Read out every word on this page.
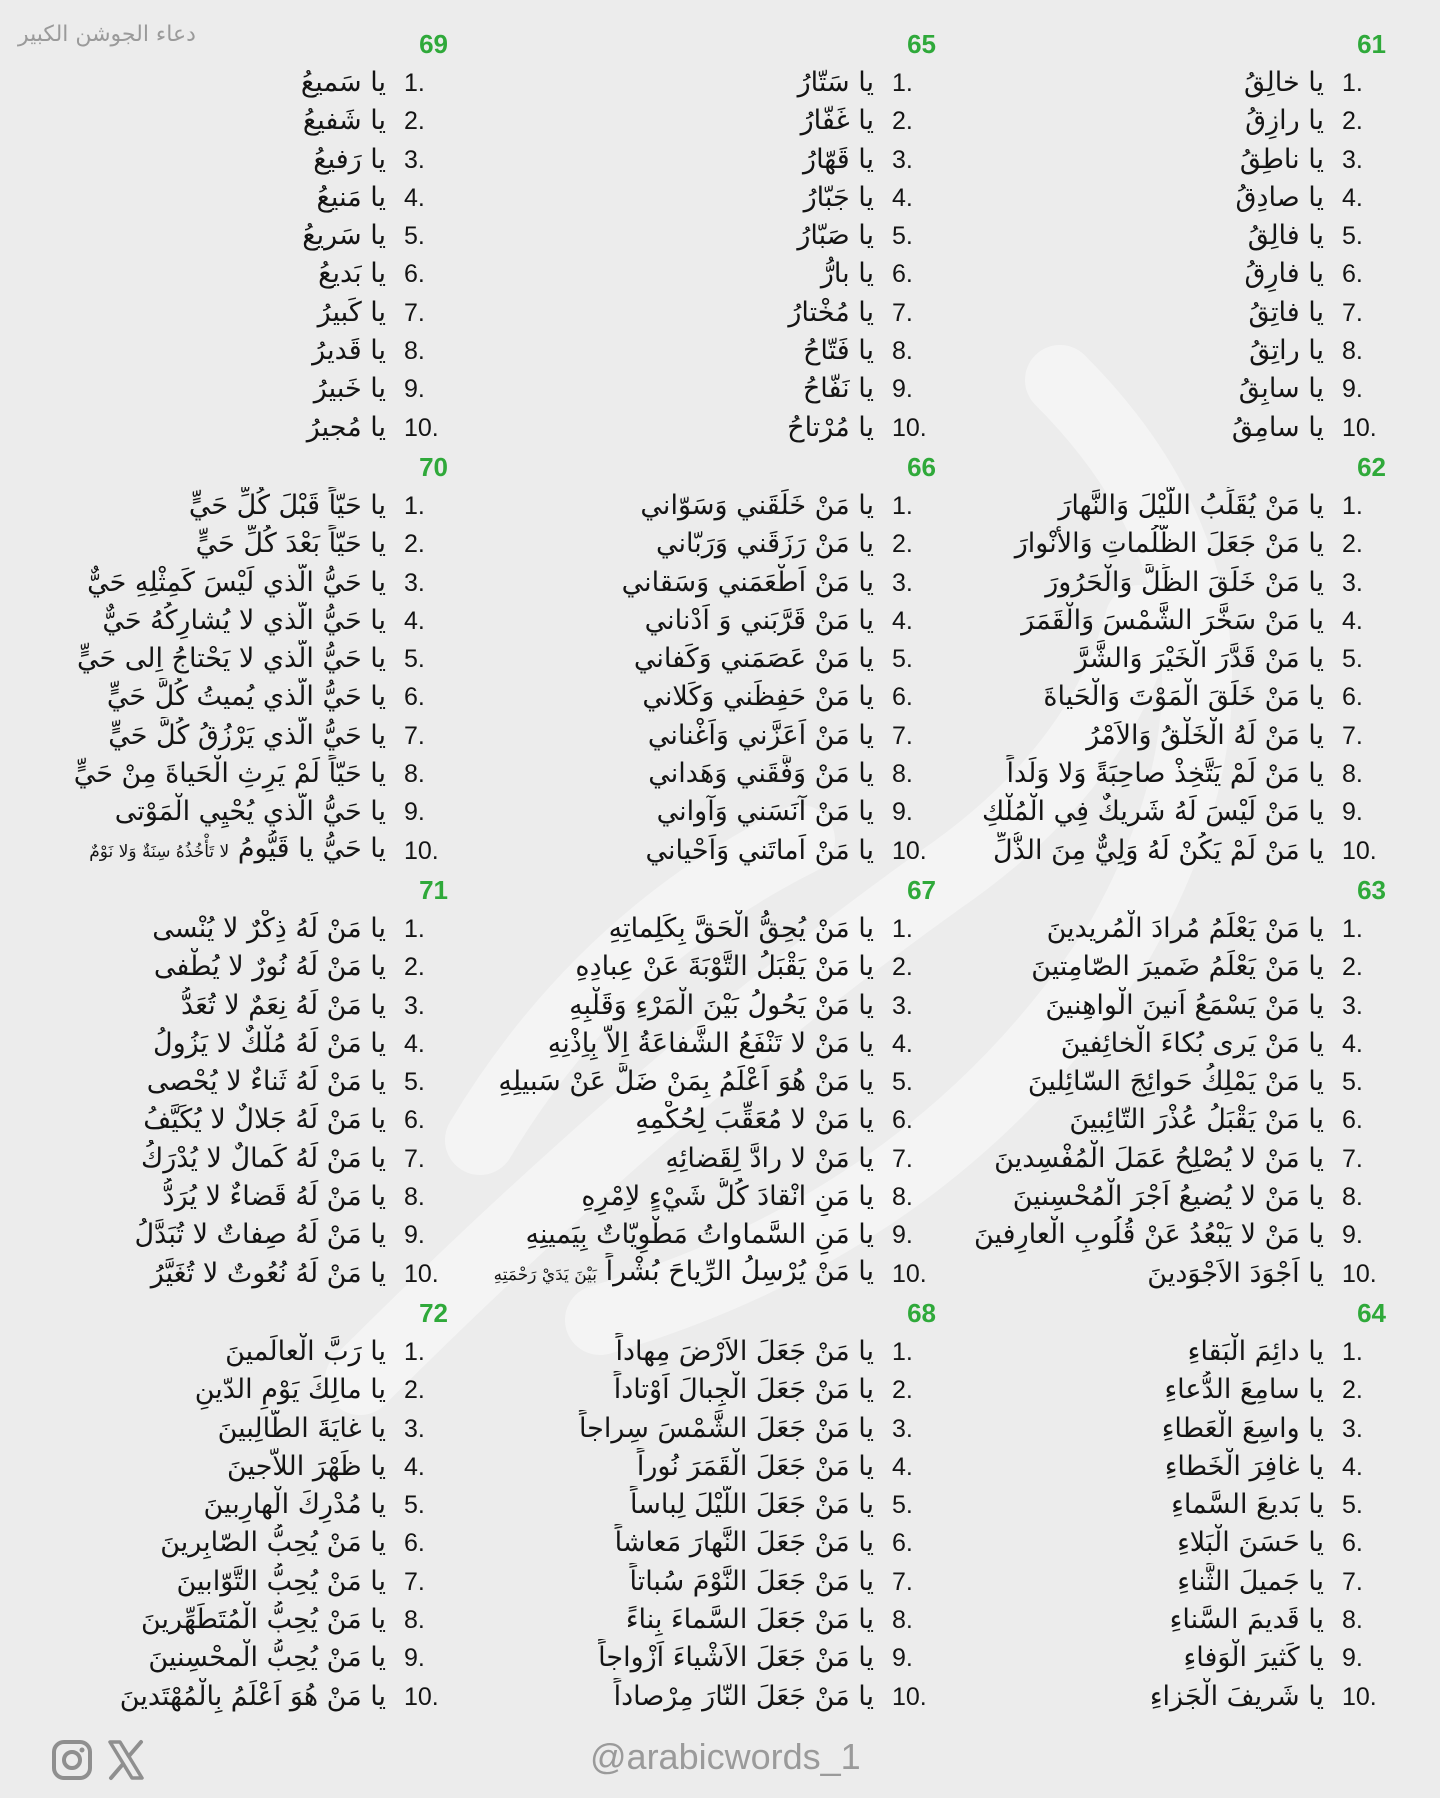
دعاء الجوشن الكبير	61
1.
يا خالِقُ
2.
يا رازِقُ
3.
يا ناطِقُ
4.
يا صادِقُ
5.
يا فالِقُ
6.
يا فارِقُ
7.
يا فاتِقُ
8.
يا راتِقُ
9.
يا سابِقُ
10.
يا سامِقُ
62
1.
يا مَنْ يُقَلِّبُ اللَّيْلَ وَالنَّهارَ
2.
يا مَنْ جَعَلَ الظُّلُماتِ وَالأَنْوارَ
3.
يا مَنْ خَلَقَ الظِّلَّ وَالْحَرُورَ
4.
يا مَنْ سَخَّرَ الشَّمْسَ وَالْقَمَرَ
5.
يا مَنْ قَدَّرَ الْخَيْرَ وَالشَّرَّ
6.
يا مَنْ خَلَقَ الْمَوْتَ وَالْحَياةَ
7.
يا مَنْ لَهُ الْخَلْقُ وَالاَمْرُ
8.
يا مَنْ لَمْ يَتَّخِذْ صاحِبَةً وَلا وَلَداً
9.
يا مَنْ لَيْسَ لَهُ شَريكٌ فِي الْمُلْكِ
10.
يا مَنْ لَمْ يَكُنْ لَهُ وَلِيٌّ مِنَ الذُّلِّ
63
1.
يا مَنْ يَعْلَمُ مُرادَ الْمُريدينَ
2.
يا مَنْ يَعْلَمُ ضَميرَ الصّامِتينَ
3.
يا مَنْ يَسْمَعُ اَنينَ الْواهِنينَ
4.
يا مَنْ يَرى بُكاءَ الْخائِفينَ
5.
يا مَنْ يَمْلِكُ حَوائِجَ السّائِلينَ
6.
يا مَنْ يَقْبَلُ عُذْرَ التّائِبينَ
7.
يا مَنْ لا يُصْلِحُ عَمَلَ الْمُفْسِدينَ
8.
يا مَنْ لا يُضيعُ اَجْرَ الْمُحْسِنينَ
9.
يا مَنْ لا يَبْعُدُ عَنْ قُلُوبِ الْعارِفينَ
10.
يا اَجْوَدَ الاَجْوَدينَ
64
1.
يا دائِمَ الْبَقاءِ
2.
يا سامِعَ الدُّعاءِ
3.
يا واسِعَ الْعَطاءِ
4.
يا غافِرَ الْخَطاءِ
5.
يا بَديعَ السَّماءِ
6.
يا حَسَنَ الْبَلاءِ
7.
يا جَميلَ الثَّناءِ
8.
يا قَديمَ السَّناءِ
9.
يا كَثيرَ الْوَفاءِ
10.
يا شَريفَ الْجَزاءِ
65
1.
يا سَتّارُ
2.
يا غَفّارُ
3.
يا قَهّارُ
4.
يا جَبّارُ
5.
يا صَبّارُ
6.
يا بارُّ
7.
يا مُخْتارُ
8.
يا فَتّاحُ
9.
يا نَفّاحُ
10.
يا مُرْتاحُ
66
1.
يا مَنْ خَلَقَني وَسَوّاني
2.
يا مَنْ رَزَقَني وَرَبّاني
3.
يا مَنْ اَطْعَمَني وَسَقاني
4.
يا مَنْ قَرَّبَني وَ اَدْناني
5.
يا مَنْ عَصَمَني وَكَفاني
6.
يا مَنْ حَفِظَني وَكَلاني
7.
يا مَنْ اَعَزَّني وَاَغْناني
8.
يا مَنْ وَفَّقَني وَهَداني
9.
يا مَنْ آنَسَني وَآواني
10.
يا مَنْ اَماتَني وَاَحْياني
67
1.
يا مَنْ يُحِقُّ الْحَقَّ بِكَلِماتِهِ
2.
يا مَنْ يَقْبَلُ التَّوْبَةَ عَنْ عِبادِهِ
3.
يا مَنْ يَحُولُ بَيْنَ الْمَرْءِ وَقَلْبِهِ
4.
يا مَنْ لا تَنْفَعُ الشَّفاعَةُ اِلاّ بِاِذْنِهِ
5.
يا مَنْ هُوَ اَعْلَمُ بِمَنْ ضَلَّ عَنْ سَبيلِهِ
6.
يا مَنْ لا مُعَقِّبَ لِحُكْمِهِ
7.
يا مَنْ لا رادَّ لِقَضائِهِ
8.
يا مَنِ انْقادَ كُلُّ شَيْءٍ لاِمْرِهِ
9.
يا مَنِ السَّماواتُ مَطْوِيّاتٌ بِيَمينِهِ
10.
يا مَنْ يُرْسِلُ الرِّياحَ بُشْراً بَيْنَ يَدَيْ رَحْمَتِهِ
68
1.
يا مَنْ جَعَلَ الاَرْضَ مِهاداً
2.
يا مَنْ جَعَلَ الْجِبالَ اَوْتاداً
3.
يا مَنْ جَعَلَ الشَّمْسَ سِراجاً
4.
يا مَنْ جَعَلَ الْقَمَرَ نُوراً
5.
يا مَنْ جَعَلَ اللَّيْلَ لِباساً
6.
يا مَنْ جَعَلَ النَّهارَ مَعاشاً
7.
يا مَنْ جَعَلَ النَّوْمَ سُباتاً
8.
يا مَنْ جَعَلَ السَّماءَ بِناءً
9.
يا مَنْ جَعَلَ الاَشْياءَ اَزْواجاً
10.
يا مَنْ جَعَلَ النّارَ مِرْصاداً
69
1.
يا سَميعُ
2.
يا شَفيعُ
3.
يا رَفيعُ
4.
يا مَنيعُ
5.
يا سَريعُ
6.
يا بَديعُ
7.
يا كَبيرُ
8.
يا قَديرُ
9.
يا خَبيرُ
10.
يا مُجيرُ
70
1.
يا حَيّاً قَبْلَ كُلِّ حَيٍّ
2.
يا حَيّاً بَعْدَ كُلِّ حَيٍّ
3.
يا حَيُّ الَّذي لَيْسَ كَمِثْلِهِ حَيٌّ
4.
يا حَيُّ الَّذي لا يُشارِكُهُ حَيٌّ
5.
يا حَيُّ الَّذي لا يَحْتاجُ اِلى حَيٍّ
6.
يا حَيُّ الَّذي يُميتُ كُلَّ حَيٍّ
7.
يا حَيُّ الَّذي يَرْزُقُ كُلَّ حَيٍّ
8.
يا حَيّاً لَمْ يَرِثِ الْحَياةَ مِنْ حَيٍّ
9.
يا حَيُّ الَّذي يُحْيِي الْمَوْتى
10.
يا حَيُّ يا قَيُّومُ لا تَأْخُذُهُ سِنَةٌ وَلا نَوْمٌ
71
1.
يا مَنْ لَهُ ذِكْرٌ لا يُنْسى
2.
يا مَنْ لَهُ نُورٌ لا يُطْفى
3.
يا مَنْ لَهُ نِعَمٌ لا تُعَدُّ
4.
يا مَنْ لَهُ مُلْكٌ لا يَزُولُ
5.
يا مَنْ لَهُ ثَناءٌ لا يُحْصى
6.
يا مَنْ لَهُ جَلالٌ لا يُكَيَّفُ
7.
يا مَنْ لَهُ كَمالٌ لا يُدْرَكُ
8.
يا مَنْ لَهُ قَضاءٌ لا يُرَدُّ
9.
يا مَنْ لَهُ صِفاتٌ لا تُبَدَّلُ
10.
يا مَنْ لَهُ نُعُوتٌ لا تُغَيَّرُ
72
1.
يا رَبَّ الْعالَمينَ
2.
يا مالِكَ يَوْمِ الدّينِ
3.
يا غايَةَ الطّالِبينَ
4.
يا ظَهْرَ اللاّجينَ
5.
يا مُدْرِكَ الْهارِبينَ
6.
يا مَنْ يُحِبُّ الصّابِرينَ
7.
يا مَنْ يُحِبُّ التَّوّابينَ
8.
يا مَنْ يُحِبُّ الْمُتَطَهِّرينَ
9.
يا مَنْ يُحِبُّ الْمحْسِنينَ
10.
يا مَنْ هُوَ اَعْلَمُ بِالْمُهْتَدينَ
@arabicwords_1
